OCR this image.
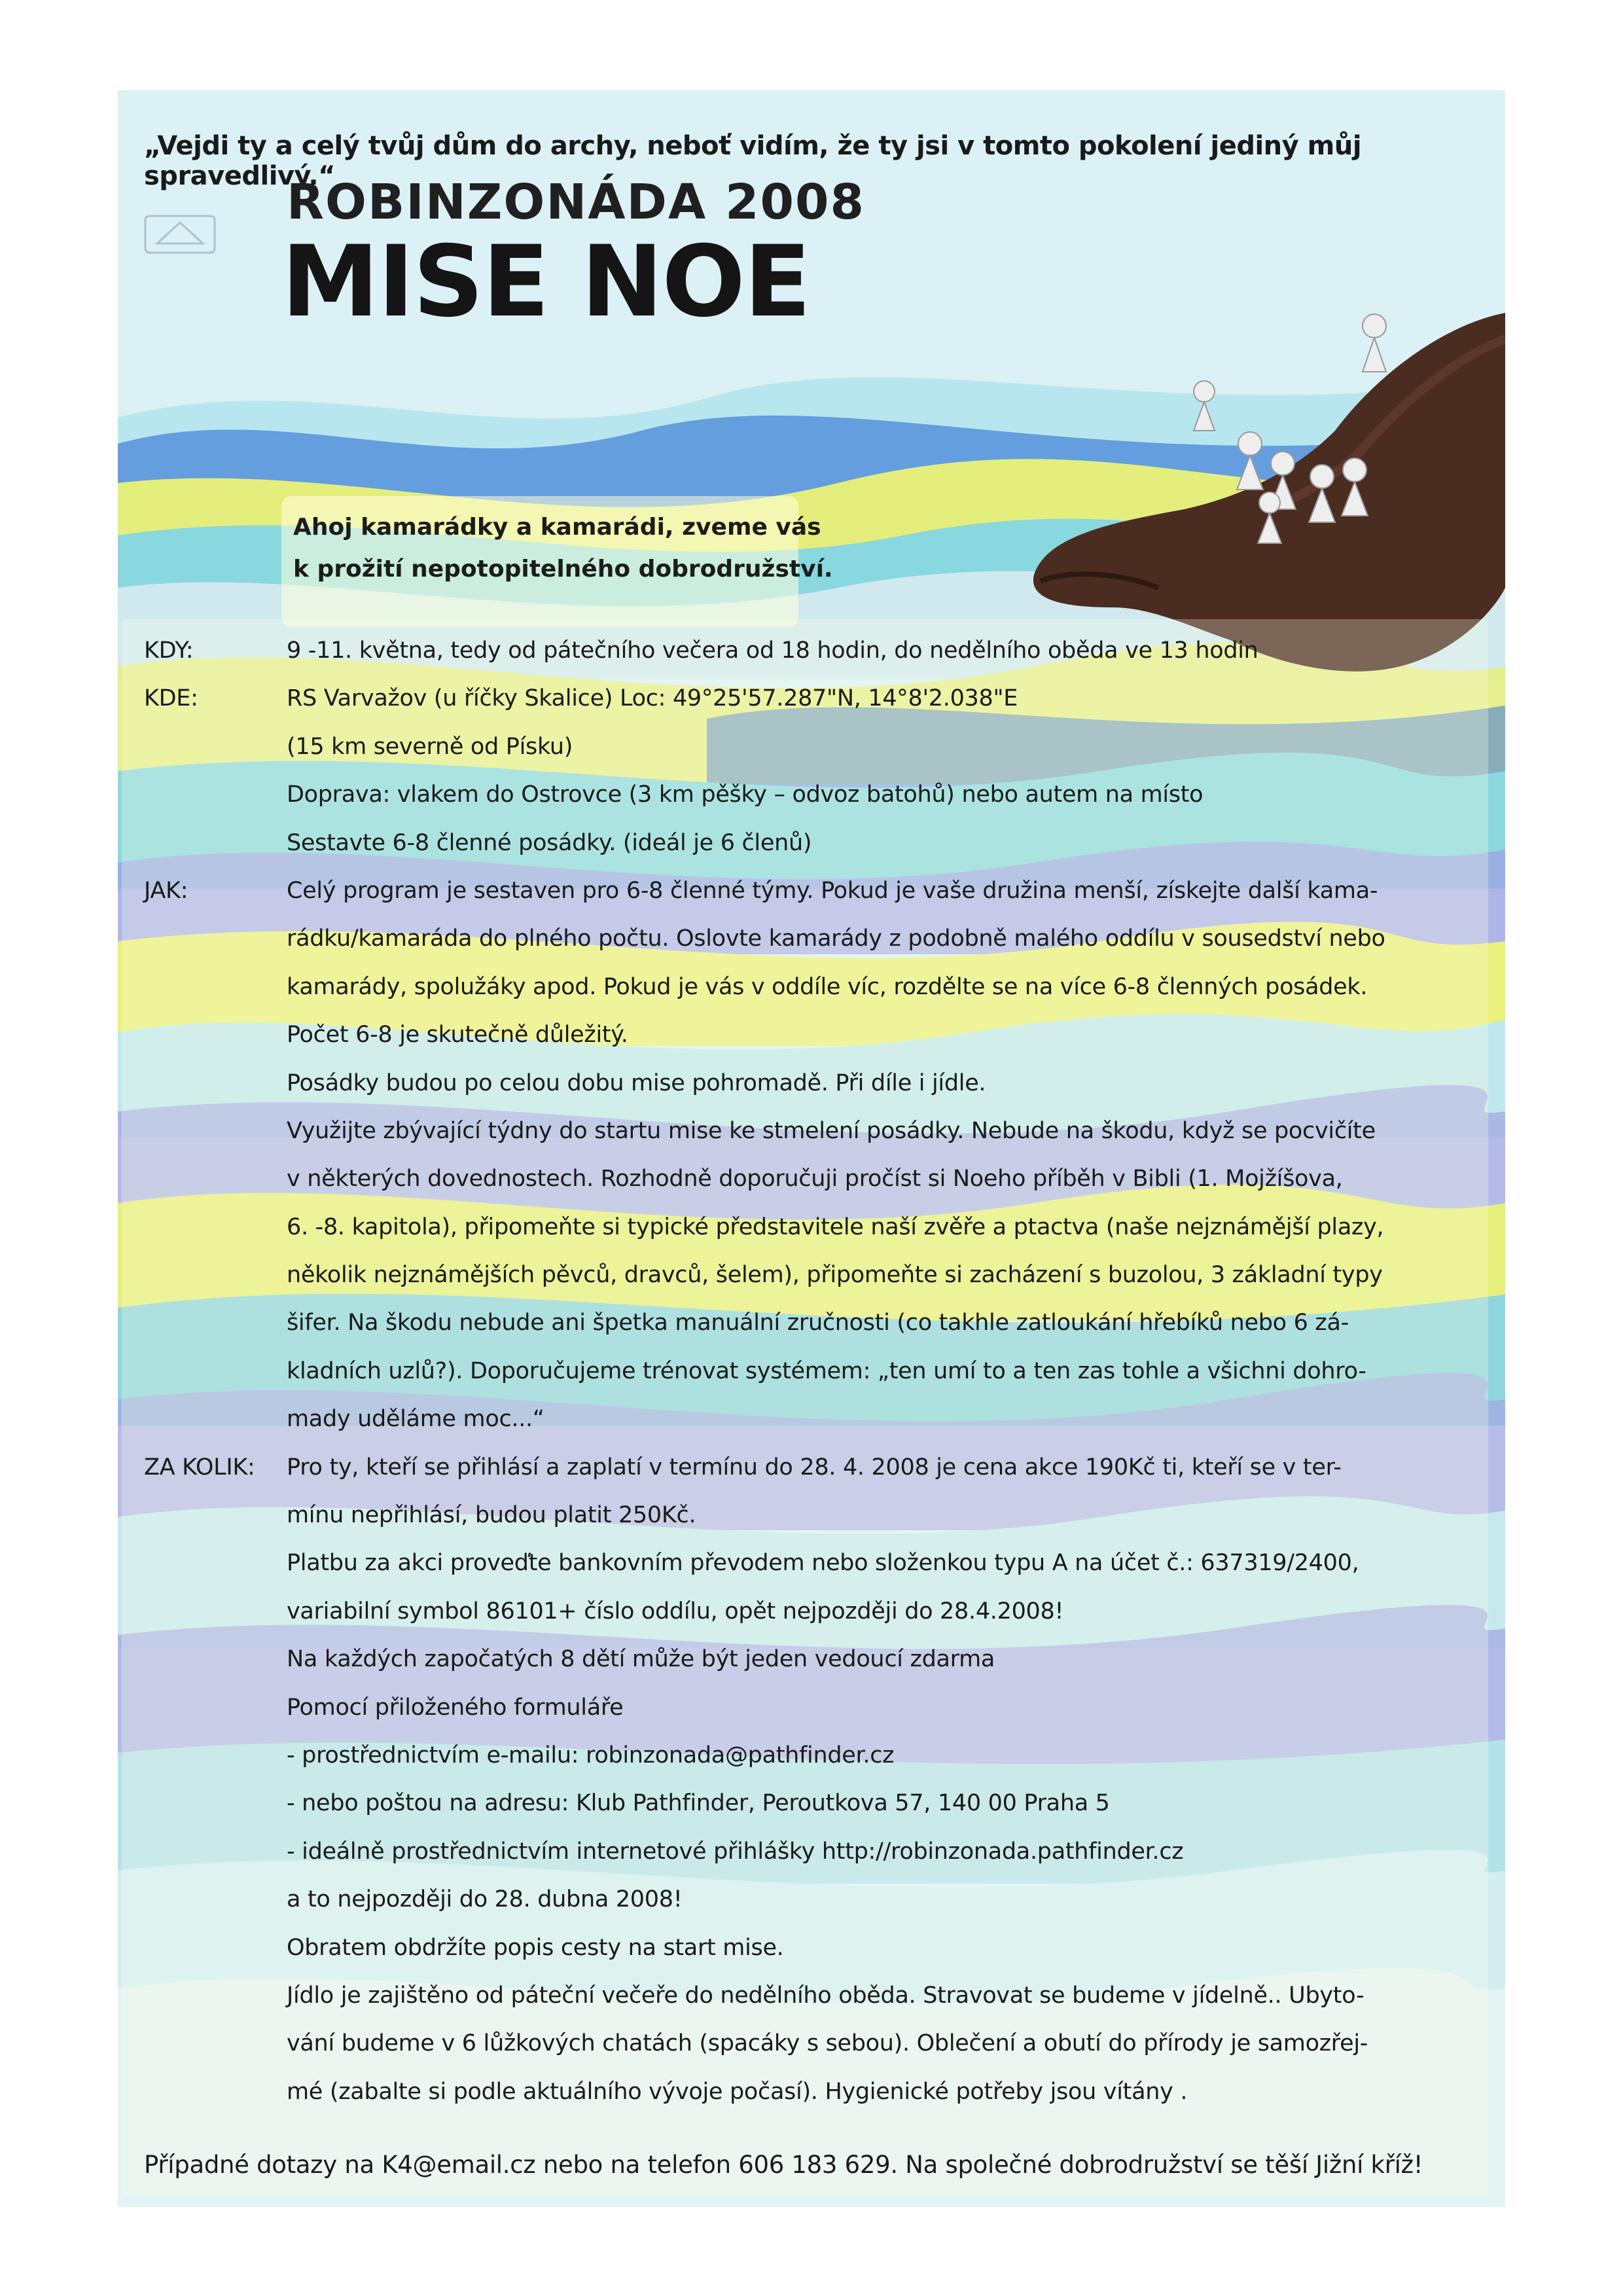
„Vejdi ty a celý tvůj dům do archy, neboť vidím, že ty jsi v tomto pokolení jediný můj spravedlivý.“
ROBINZONÁDA 2008
MISE NOE
Ahoj kamarádky a kamarádi, zveme vás
k prožití nepotopitelného dobrodružství.
KDY:	9 -11. května, tedy od pátečního večera od 18 hodin, do nedělního oběda ve 13 hodin
KDE:	RS Varvažov (u říčky Skalice) Loc: 49°25'57.287"N, 14°8'2.038"E
(15 km severně od Písku)
Doprava: vlakem do Ostrovce (3 km pěšky – odvoz batohů) nebo autem na místo
Sestavte 6-8 členné posádky. (ideál je 6 členů)
JAK:	Celý program je sestaven pro 6-8 členné týmy. Pokud je vaše družina menší, získejte další kama-
rádku/kamaráda do plného počtu. Oslovte kamarády z podobně malého oddílu v sousedství nebo
kamarády, spolužáky apod. Pokud je vás v oddíle víc, rozdělte se na více 6-8 členných posádek.
Počet 6-8 je skutečně důležitý.
Posádky budou po celou dobu mise pohromadě. Při díle i jídle.
Využijte zbývající týdny do startu mise ke stmelení posádky. Nebude na škodu, když se pocvičíte
v některých dovednostech. Rozhodně doporučuji pročíst si Noeho příběh v Bibli (1. Mojžíšova,
6. -8. kapitola), připomeňte si typické představitele naší zvěře a ptactva (naše nejznámější plazy,
několik nejznámějších pěvců, dravců, šelem), připomeňte si zacházení s buzolou, 3 základní typy
šifer. Na škodu nebude ani špetka manuální zručnosti (co takhle zatloukání hřebíků nebo 6 zá-
kladních uzlů?). Doporučujeme trénovat systémem: „ten umí to a ten zas tohle a všichni dohro-
mady uděláme moc...“
ZA KOLIK: Pro ty, kteří se přihlásí a zaplatí v termínu do 28. 4. 2008 je cena akce 190Kč ti, kteří se v ter-
mínu nepřihlásí, budou platit 250Kč.
Platbu za akci proveďte bankovním převodem nebo složenkou typu A na účet č.: 637319/2400,
variabilní symbol 86101+ číslo oddílu, opět nejpozději do 28.4.2008!
Na každých započatých 8 dětí může být jeden vedoucí zdarma
Pomocí přiloženého formuláře
- prostřednictvím e-mailu: robinzonada@pathfinder.cz
- nebo poštou na adresu: Klub Pathfinder, Peroutkova 57, 140 00 Praha 5
- ideálně prostřednictvím internetové přihlášky http://robinzonada.pathfinder.cz
a to nejpozději do 28. dubna 2008!
Obratem obdržíte popis cesty na start mise.
Jídlo je zajištěno od páteční večeře do nedělního oběda. Stravovat se budeme v jídelně.. Ubyto-
vání budeme v 6 lůžkových chatách (spacáky s sebou). Oblečení a obutí do přírody je samozřej-
mé (zabalte si podle aktuálního vývoje počasí). Hygienické potřeby jsou vítány .
Případné dotazy na K4@email.cz nebo na telefon 606 183 629. Na společné dobrodružství se těší Jižní kříž!
